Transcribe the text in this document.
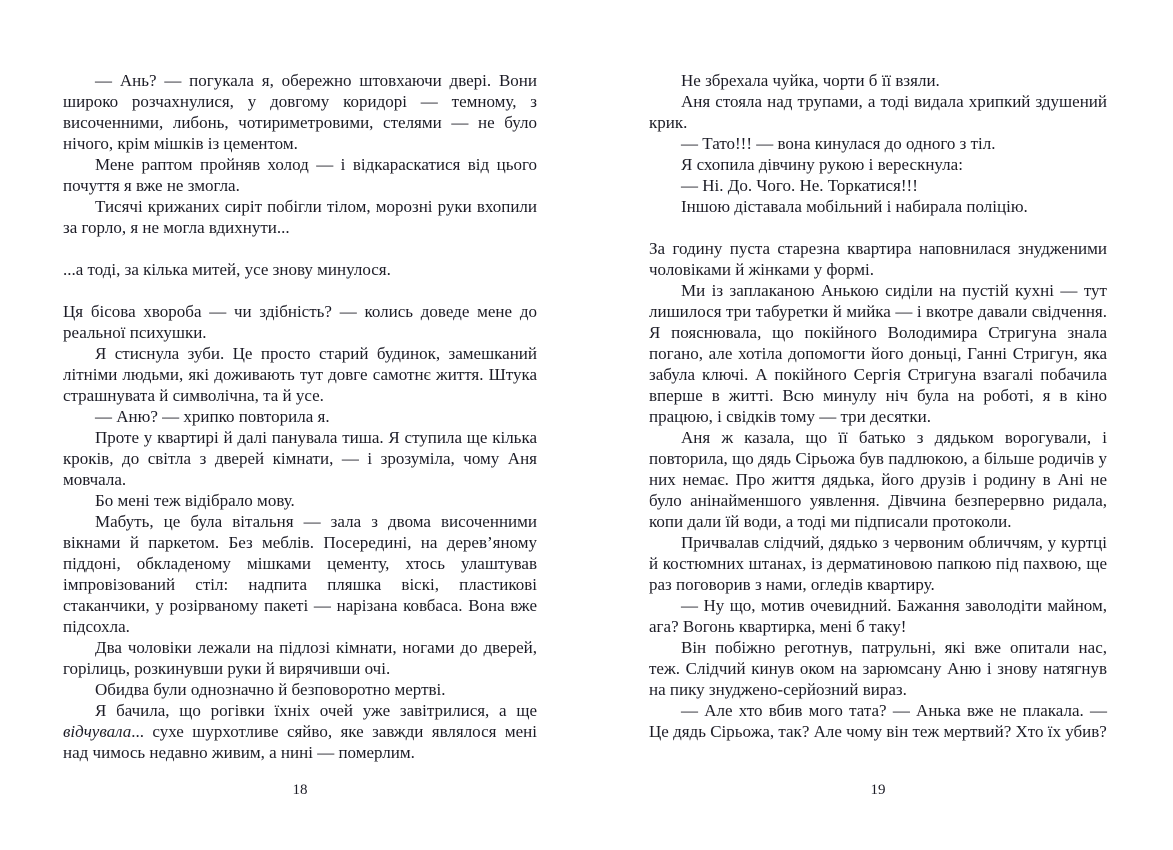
— Ань? — погукала я, обережно штовхаючи двері. Вони широко розчахнулися, у довгому коридорі — темному, з височенними, либонь, чотириметровими, стелями — не було нічого, крім мішків із цементом.

Мене раптом пройняв холод — і відкараскатися від цього почуття я вже не змогла.

Тисячі крижаних сиріт побігли тілом, морозні руки вхопили за горло, я не могла вдихнути...

...а тоді, за кілька митей, усе знову минулося.

Ця бісова хвороба — чи здібність? — колись доведе мене до реальної психушки.

Я стиснула зуби. Це просто старий будинок, замешканий літніми людьми, які доживають тут довге самотнє життя. Штука страшнувата й символічна, та й усе.

— Аню? — хрипко повторила я.

Проте у квартирі й далі панувала тиша. Я ступила ще кілька кроків, до світла з дверей кімнати, — і зрозуміла, чому Аня мовчала.

Бо мені теж відібрало мову.

Мабуть, це була вітальня — зала з двома височенними вікнами й паркетом. Без меблів. Посередині, на дерев’яному піддоні, обкладеному мішками цементу, хтось улаштував імпровізований стіл: надпита пляшка віскі, пластикові стаканчики, у розірваному пакеті — нарізана ковбаса. Вона вже підсохла.

Два чоловіки лежали на підлозі кімнати, ногами до дверей, горілиць, розкинувши руки й вирячивши очі.

Обидва були однозначно й безповоротно мертві.

Я бачила, що рогівки їхніх очей уже завітрилися, а ще відчувала... сухе шурхотливе сяйво, яке завжди являлося мені над чимось недавно живим, а нині — померлим.

Не збрехала чуйка, чорти б її взяли.

Аня стояла над трупами, а тоді видала хрипкий здушений крик.

— Тато!!! — вона кинулася до одного з тіл.

Я схопила дівчину рукою і верескнула:

— Ні. До. Чого. Не. Торкатися!!!

Іншою діставала мобільний і набирала поліцію.

За годину пуста старезна квартира наповнилася знудженими чоловіками й жінками у формі.

Ми із заплаканою Анькою сиділи на пустій кухні — тут лишилося три табуретки й мийка — і вкотре давали свідчення. Я пояснювала, що покійного Володимира Стригуна знала погано, але хотіла допомогти його доньці, Ганні Стригун, яка забула ключі. А покійного Сергія Стригуна взагалі побачила вперше в житті. Всю минулу ніч була на роботі, я в кіно працюю, і свідків тому — три десятки.

Аня ж казала, що її батько з дядьком ворогували, і повторила, що дядь Сірьожа був падлюкою, а більше родичів у них немає. Про життя дядька, його друзів і родину в Ані не було анінайменшого уявлення. Дівчина безперервно ридала, копи дали їй води, а тоді ми підписали протоколи.

Причвалав слідчий, дядько з червоним обличчям, у куртці й костюмних штанах, із дерматиновою папкою під пахвою, ще раз поговорив з нами, огледів квартиру.

— Ну що, мотив очевидний. Бажання заволодіти майном, ага? Вогонь квартирка, мені б таку!

Він побіжно реготнув, патрульні, які вже опитали нас, теж. Слідчий кинув оком на зарюмсану Аню і знову натягнув на пику знуджено-серйозний вираз.

— Але хто вбив мого тата? — Анька вже не плакала. — Це дядь Сірьожа, так? Але чому він теж мертвий? Хто їх убив?

18	19
